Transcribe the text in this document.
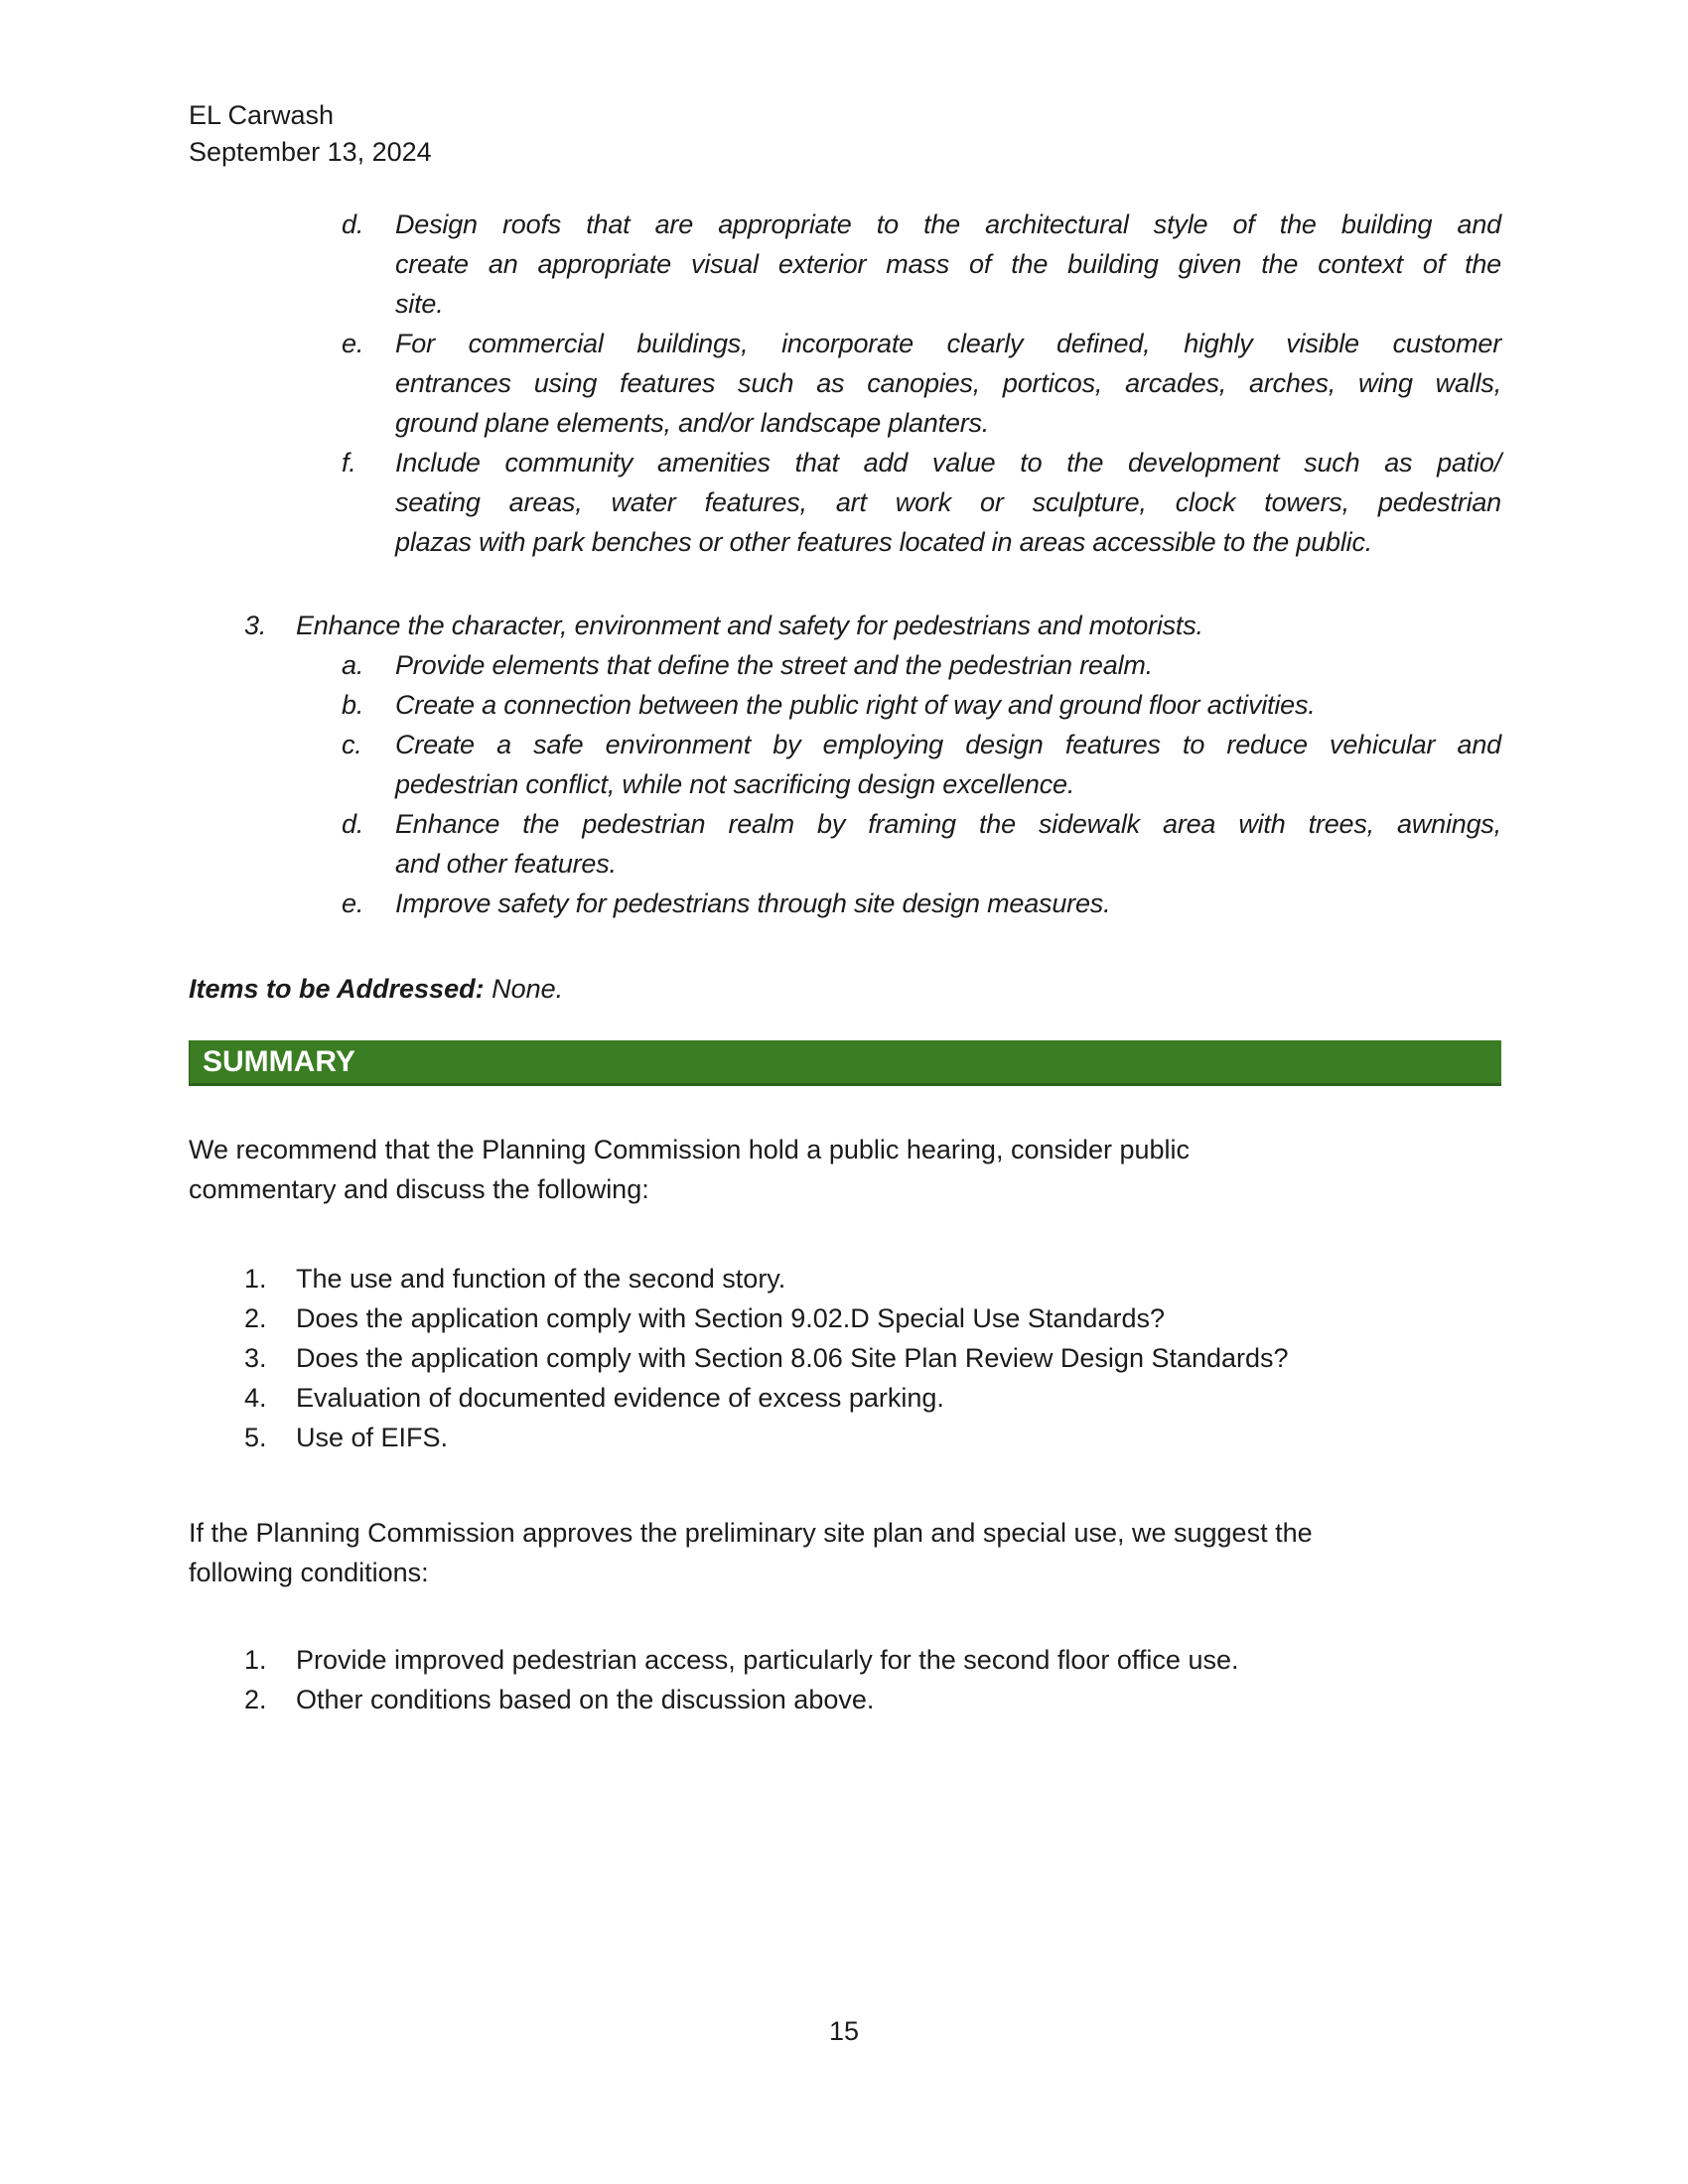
EL Carwash
September 13, 2024
d.	Design roofs that are appropriate to the architectural style of the building and
create an appropriate visual exterior mass of the building given the context of the
site.
e.	For commercial buildings, incorporate clearly defined, highly visible customer
entrances using features such as canopies, porticos, arcades, arches, wing walls,
ground plane elements, and/or landscape planters.
f.	Include community amenities that add value to the development such as patio/
seating areas, water features, art work or sculpture, clock towers, pedestrian
plazas with park benches or other features located in areas accessible to the public.
3.	Enhance the character, environment and safety for pedestrians and motorists.
a.	Provide elements that define the street and the pedestrian realm.
b.	Create a connection between the public right of way and ground floor activities.
c.	Create a safe environment by employing design features to reduce vehicular and
pedestrian conflict, while not sacrificing design excellence.
d.	Enhance the pedestrian realm by framing the sidewalk area with trees, awnings,
and other features.
e.	Improve safety for pedestrians through site design measures.

Items to be Addressed: None.

SUMMARY
We recommend that the Planning Commission hold a public hearing, consider public
commentary and discuss the following:
1.	The use and function of the second story.
2.	Does the application comply with Section 9.02.D Special Use Standards?
3.	Does the application comply with Section 8.06 Site Plan Review Design Standards?
4.	Evaluation of documented evidence of excess parking.
5.	Use of EIFS.
If the Planning Commission approves the preliminary site plan and special use, we suggest the
following conditions:
1.	Provide improved pedestrian access, particularly for the second floor office use.
2.	Other conditions based on the discussion above.
15
